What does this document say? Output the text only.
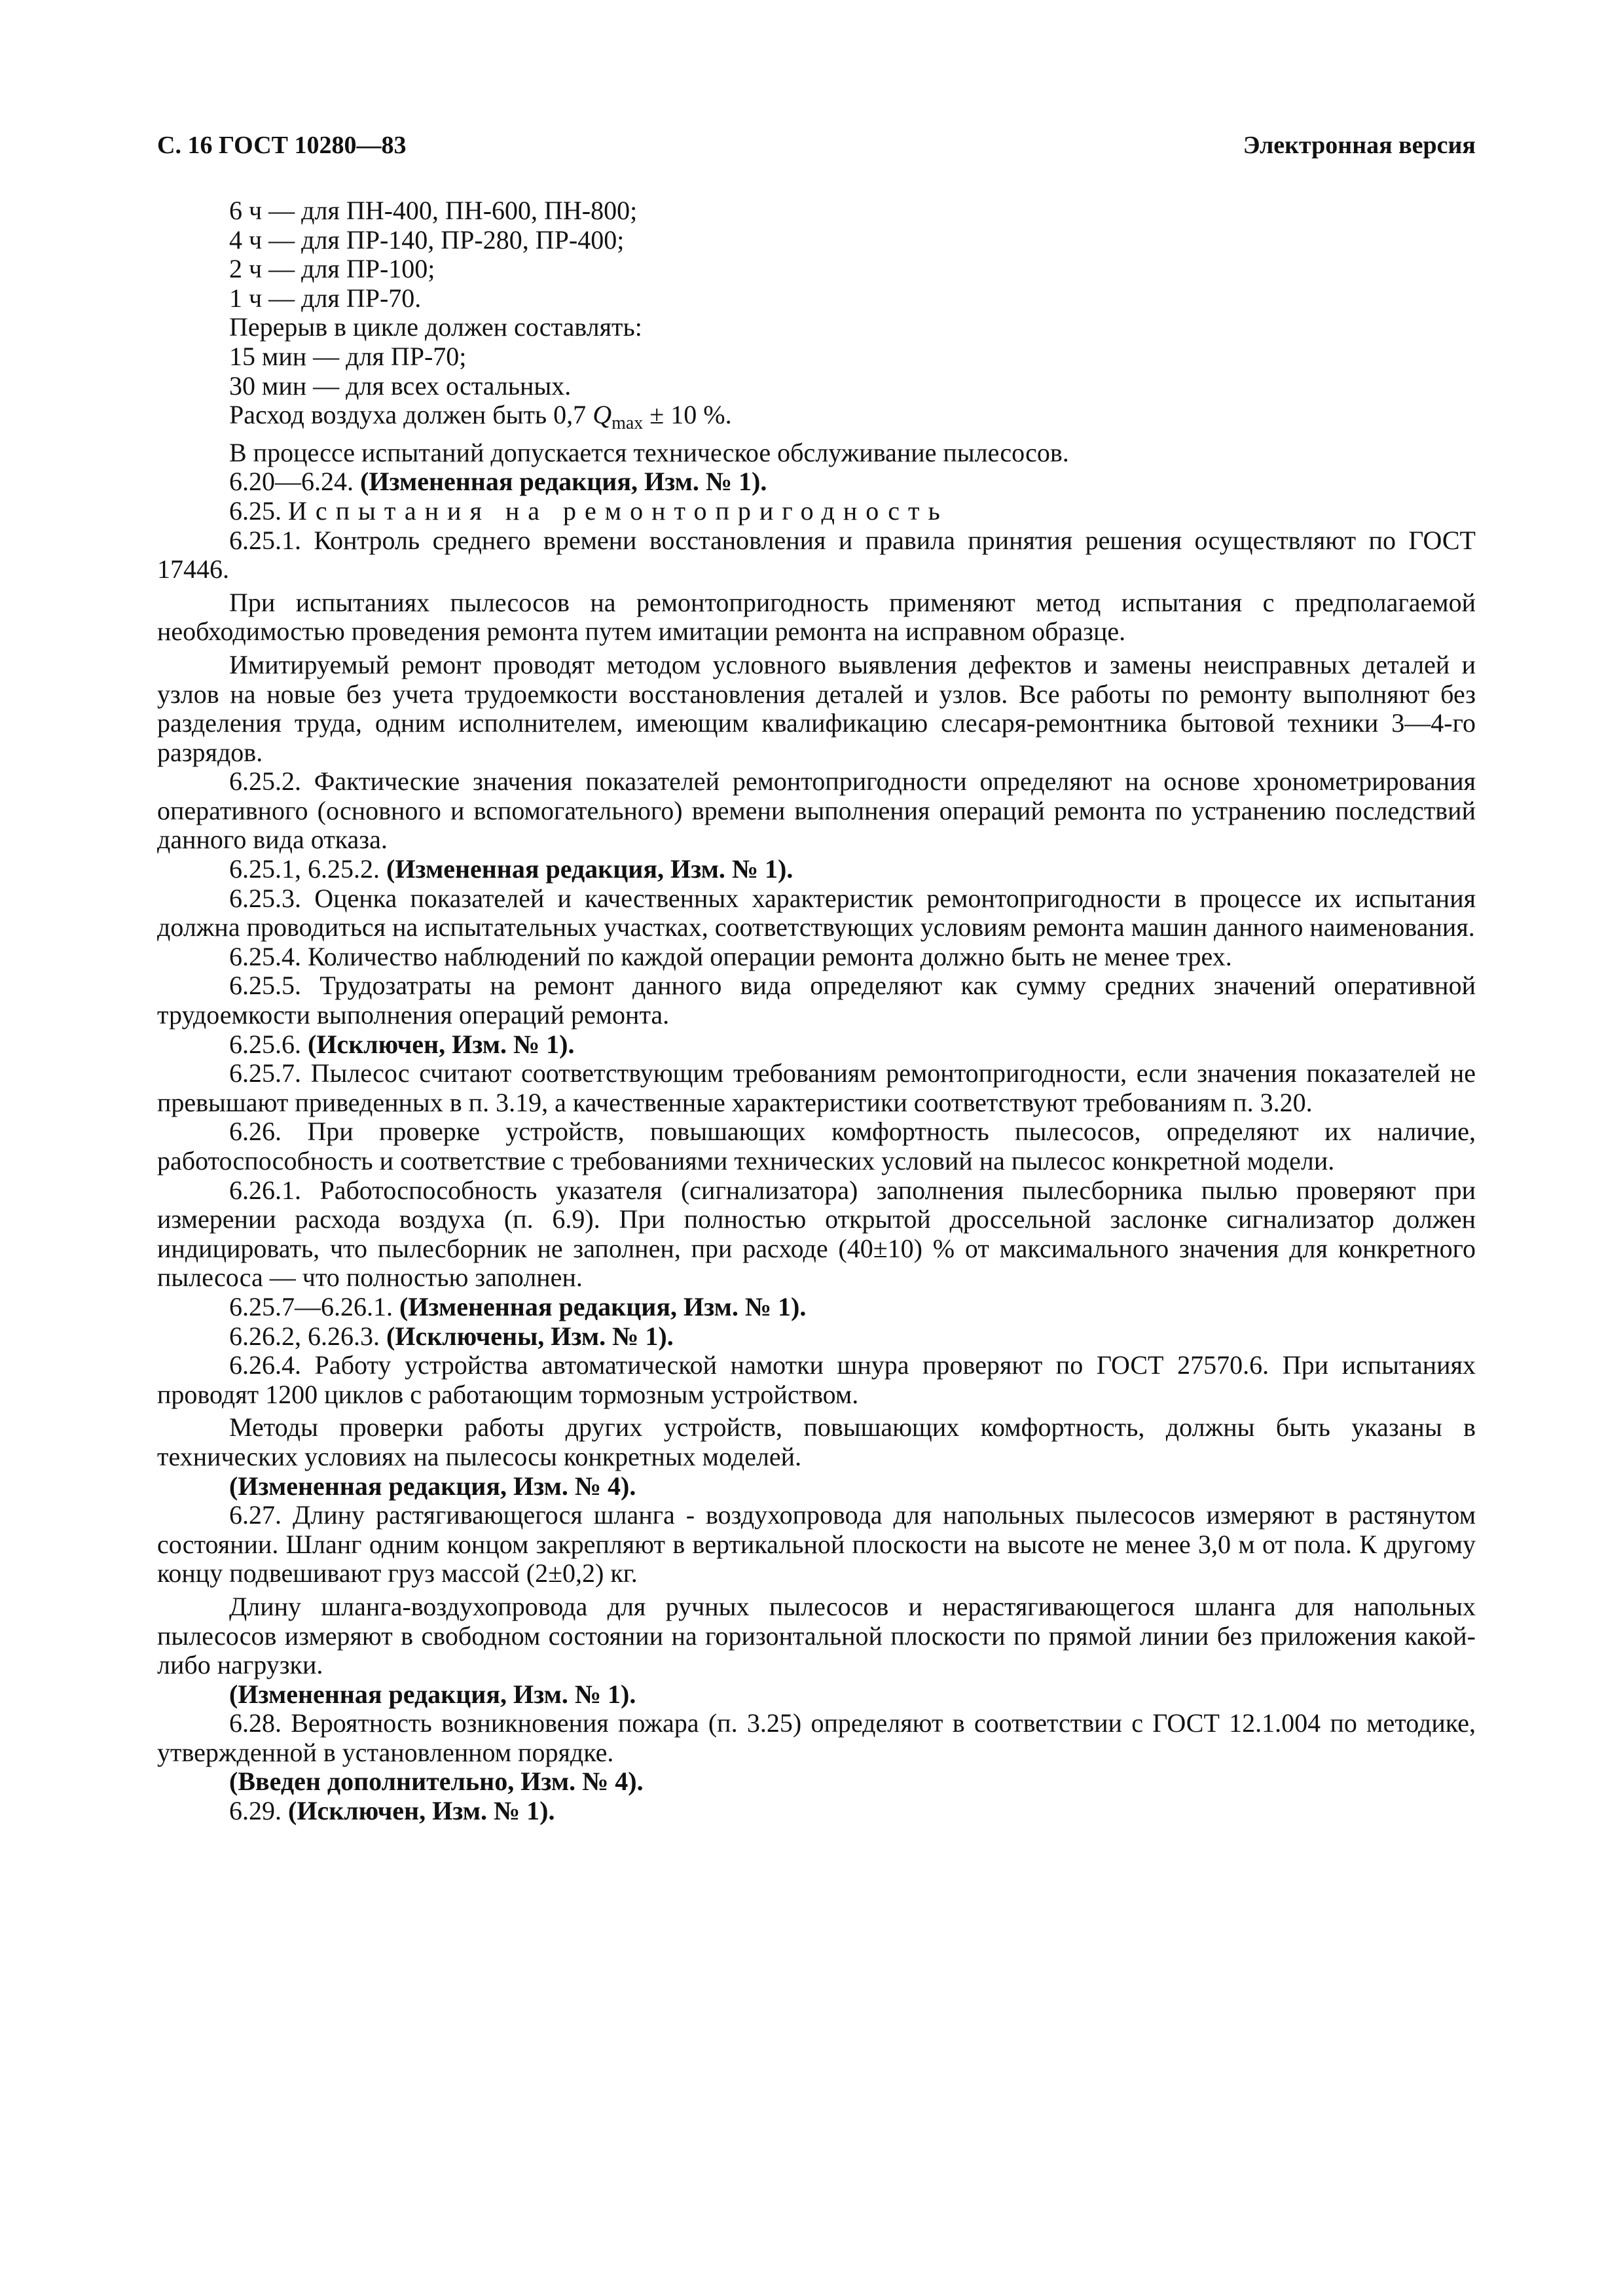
С. 16 ГОСТ 10280—83	Электронная версия

6 ч — для ПН-400, ПН-600, ПН-800;

4 ч — для ПР-140, ПР-280, ПР-400;

2 ч — для ПР-100;

1 ч — для ПР-70.

Перерыв в цикле должен составлять:

15 мин — для ПР-70;

30 мин — для всех остальных.

Расход воздуха должен быть 0,7 $Q_{max} \pm 10$ %.

В процессе испытаний допускается техническое обслуживание пылесосов.

6.20—6.24. (Измененная редакция, Изм. № 1).

6.25. Испытания на ремонтопригодность

6.25.1. Контроль среднего времени восстановления и правила принятия решения осуществляют по ГОСТ 17446.

При испытаниях пылесосов на ремонтопригодность применяют метод испытания с предполагаемой необходимостью проведения ремонта путем имитации ремонта на исправном образце.

Имитируемый ремонт проводят методом условного выявления дефектов и замены неисправных деталей и узлов на новые без учета трудоемкости восстановления деталей и узлов. Все работы по ремонту выполняют без разделения труда, одним исполнителем, имеющим квалификацию слесаря-ремонтника бытовой техники 3—4-го разрядов.

6.25.2. Фактические значения показателей ремонтопригодности определяют на основе хронометрирования оперативного (основного и вспомогательного) времени выполнения операций ремонта по устранению последствий данного вида отказа.

6.25.1, 6.25.2. (Измененная редакция, Изм. № 1).

6.25.3. Оценка показателей и качественных характеристик ремонтопригодности в процессе их испытания должна проводиться на испытательных участках, соответствующих условиям ремонта машин данного наименования.

6.25.4. Количество наблюдений по каждой операции ремонта должно быть не менее трех.

6.25.5. Трудозатраты на ремонт данного вида определяют как сумму средних значений оперативной трудоемкости выполнения операций ремонта.

6.25.6. (Исключен, Изм. № 1).

6.25.7. Пылесос считают соответствующим требованиям ремонтопригодности, если значения показателей не превышают приведенных в п. 3.19, а качественные характеристики соответствуют требованиям п. 3.20.

6.26. При проверке устройств, повышающих комфортность пылесосов, определяют их наличие, работоспособность и соответствие с требованиями технических условий на пылесос конкретной модели.

6.26.1. Работоспособность указателя (сигнализатора) заполнения пылесборника пылью проверяют при измерении расхода воздуха (п. 6.9). При полностью открытой дроссельной заслонке сигнализатор должен индицировать, что пылесборник не заполнен, при расходе (40±10) % от максимального значения для конкретного пылесоса — что полностью заполнен.

6.25.7—6.26.1. (Измененная редакция, Изм. № 1).

6.26.2, 6.26.3. (Исключены, Изм. № 1).

6.26.4. Работу устройства автоматической намотки шнура проверяют по ГОСТ 27570.6. При испытаниях проводят 1200 циклов с работающим тормозным устройством.

Методы проверки работы других устройств, повышающих комфортность, должны быть указаны в технических условиях на пылесосы конкретных моделей.

(Измененная редакция, Изм. № 4).

6.27. Длину растягивающегося шланга - воздухопровода для напольных пылесосов измеряют в растянутом состоянии. Шланг одним концом закрепляют в вертикальной плоскости на высоте не менее 3,0 м от пола. К другому концу подвешивают груз массой (2±0,2) кг.

Длину шланга-воздухопровода для ручных пылесосов и нерастягивающегося шланга для напольных пылесосов измеряют в свободном состоянии на горизонтальной плоскости по прямой линии без приложения какой-либо нагрузки.

(Измененная редакция, Изм. № 1).

6.28. Вероятность возникновения пожара (п. 3.25) определяют в соответствии с ГОСТ 12.1.004 по методике, утвержденной в установленном порядке.

(Введен дополнительно, Изм. № 4).

6.29. (Исключен, Изм. № 1).
